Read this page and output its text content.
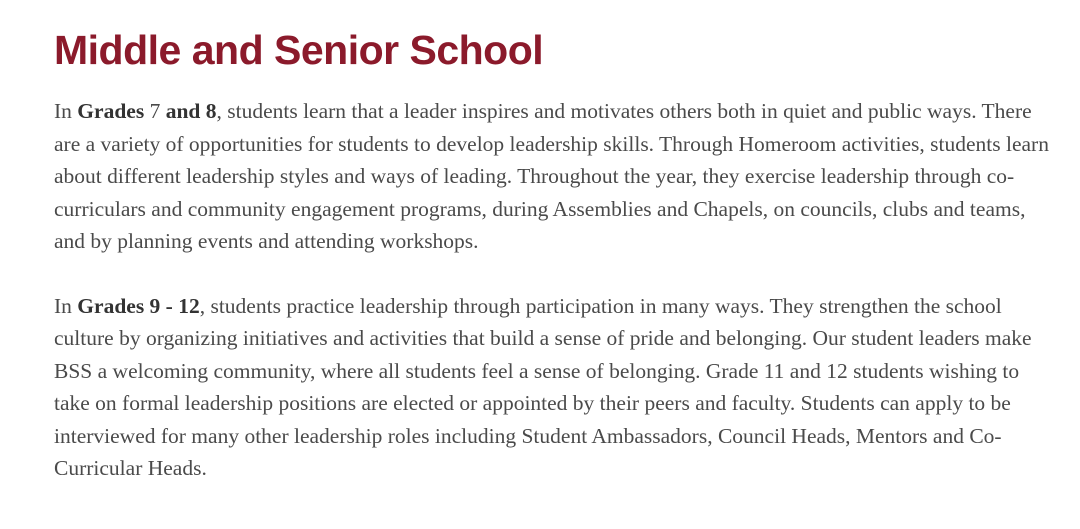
Middle and Senior School

In Grades 7 and 8, students learn that a leader inspires and motivates others both in quiet and public ways. There are a variety of opportunities for students to develop leadership skills. Through Homeroom activities, students learn about different leadership styles and ways of leading. Throughout the year, they exercise leadership through co-curriculars and community engagement programs, during Assemblies and Chapels, on councils, clubs and teams, and by planning events and attending workshops.

In Grades 9 - 12, students practice leadership through participation in many ways. They strengthen the school culture by organizing initiatives and activities that build a sense of pride and belonging. Our student leaders make BSS a welcoming community, where all students feel a sense of belonging. Grade 11 and 12 students wishing to take on formal leadership positions are elected or appointed by their peers and faculty. Students can apply to be interviewed for many other leadership roles including Student Ambassadors, Council Heads, Mentors and Co-Curricular Heads.
